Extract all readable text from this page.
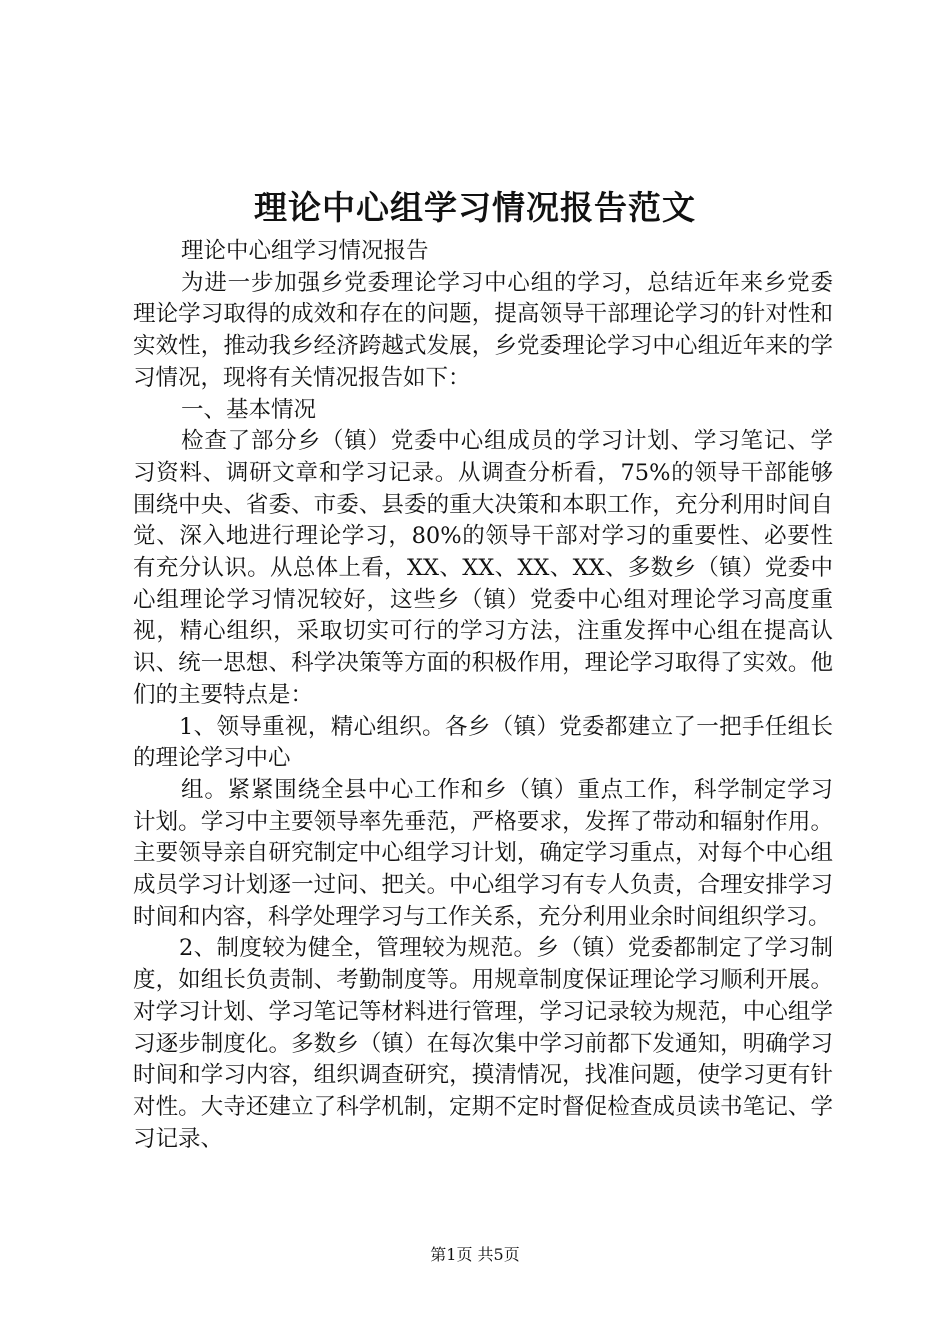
理论中心组学习情况报告范文

理论中心组学习情况报告

为进一步加强乡党委理论学习中心组的学习，总结近年来乡党委理论学习取得的成效和存在的问题，提高领导干部理论学习的针对性和实效性，推动我乡经济跨越式发展，乡党委理论学习中心组近年来的学习情况，现将有关情况报告如下：

一、基本情况

检查了部分乡（镇）党委中心组成员的学习计划、学习笔记、学习资料、调研文章和学习记录。从调查分析看，75%的领导干部能够围绕中央、省委、市委、县委的重大决策和本职工作，充分利用时间自觉、深入地进行理论学习，80%的领导干部对学习的重要性、必要性有充分认识。从总体上看，XX、XX、XX、XX、多数乡（镇）党委中心组理论学习情况较好，这些乡（镇）党委中心组对理论学习高度重视，精心组织，采取切实可行的学习方法，注重发挥中心组在提高认识、统一思想、科学决策等方面的积极作用，理论学习取得了实效。他们的主要特点是：

1、领导重视，精心组织。各乡（镇）党委都建立了一把手任组长的理论学习中心

组。紧紧围绕全县中心工作和乡（镇）重点工作，科学制定学习计划。学习中主要领导率先垂范，严格要求，发挥了带动和辐射作用。主要领导亲自研究制定中心组学习计划，确定学习重点，对每个中心组成员学习计划逐一过问、把关。中心组学习有专人负责，合理安排学习时间和内容，科学处理学习与工作关系，充分利用业余时间组织学习。

2、制度较为健全，管理较为规范。乡（镇）党委都制定了学习制度，如组长负责制、考勤制度等。用规章制度保证理论学习顺利开展。对学习计划、学习笔记等材料进行管理，学习记录较为规范，中心组学习逐步制度化。多数乡（镇）在每次集中学习前都下发通知，明确学习时间和学习内容，组织调查研究，摸清情况，找准问题，使学习更有针对性。大寺还建立了科学机制，定期不定时督促检查成员读书笔记、学习记录、

第1页 共5页
